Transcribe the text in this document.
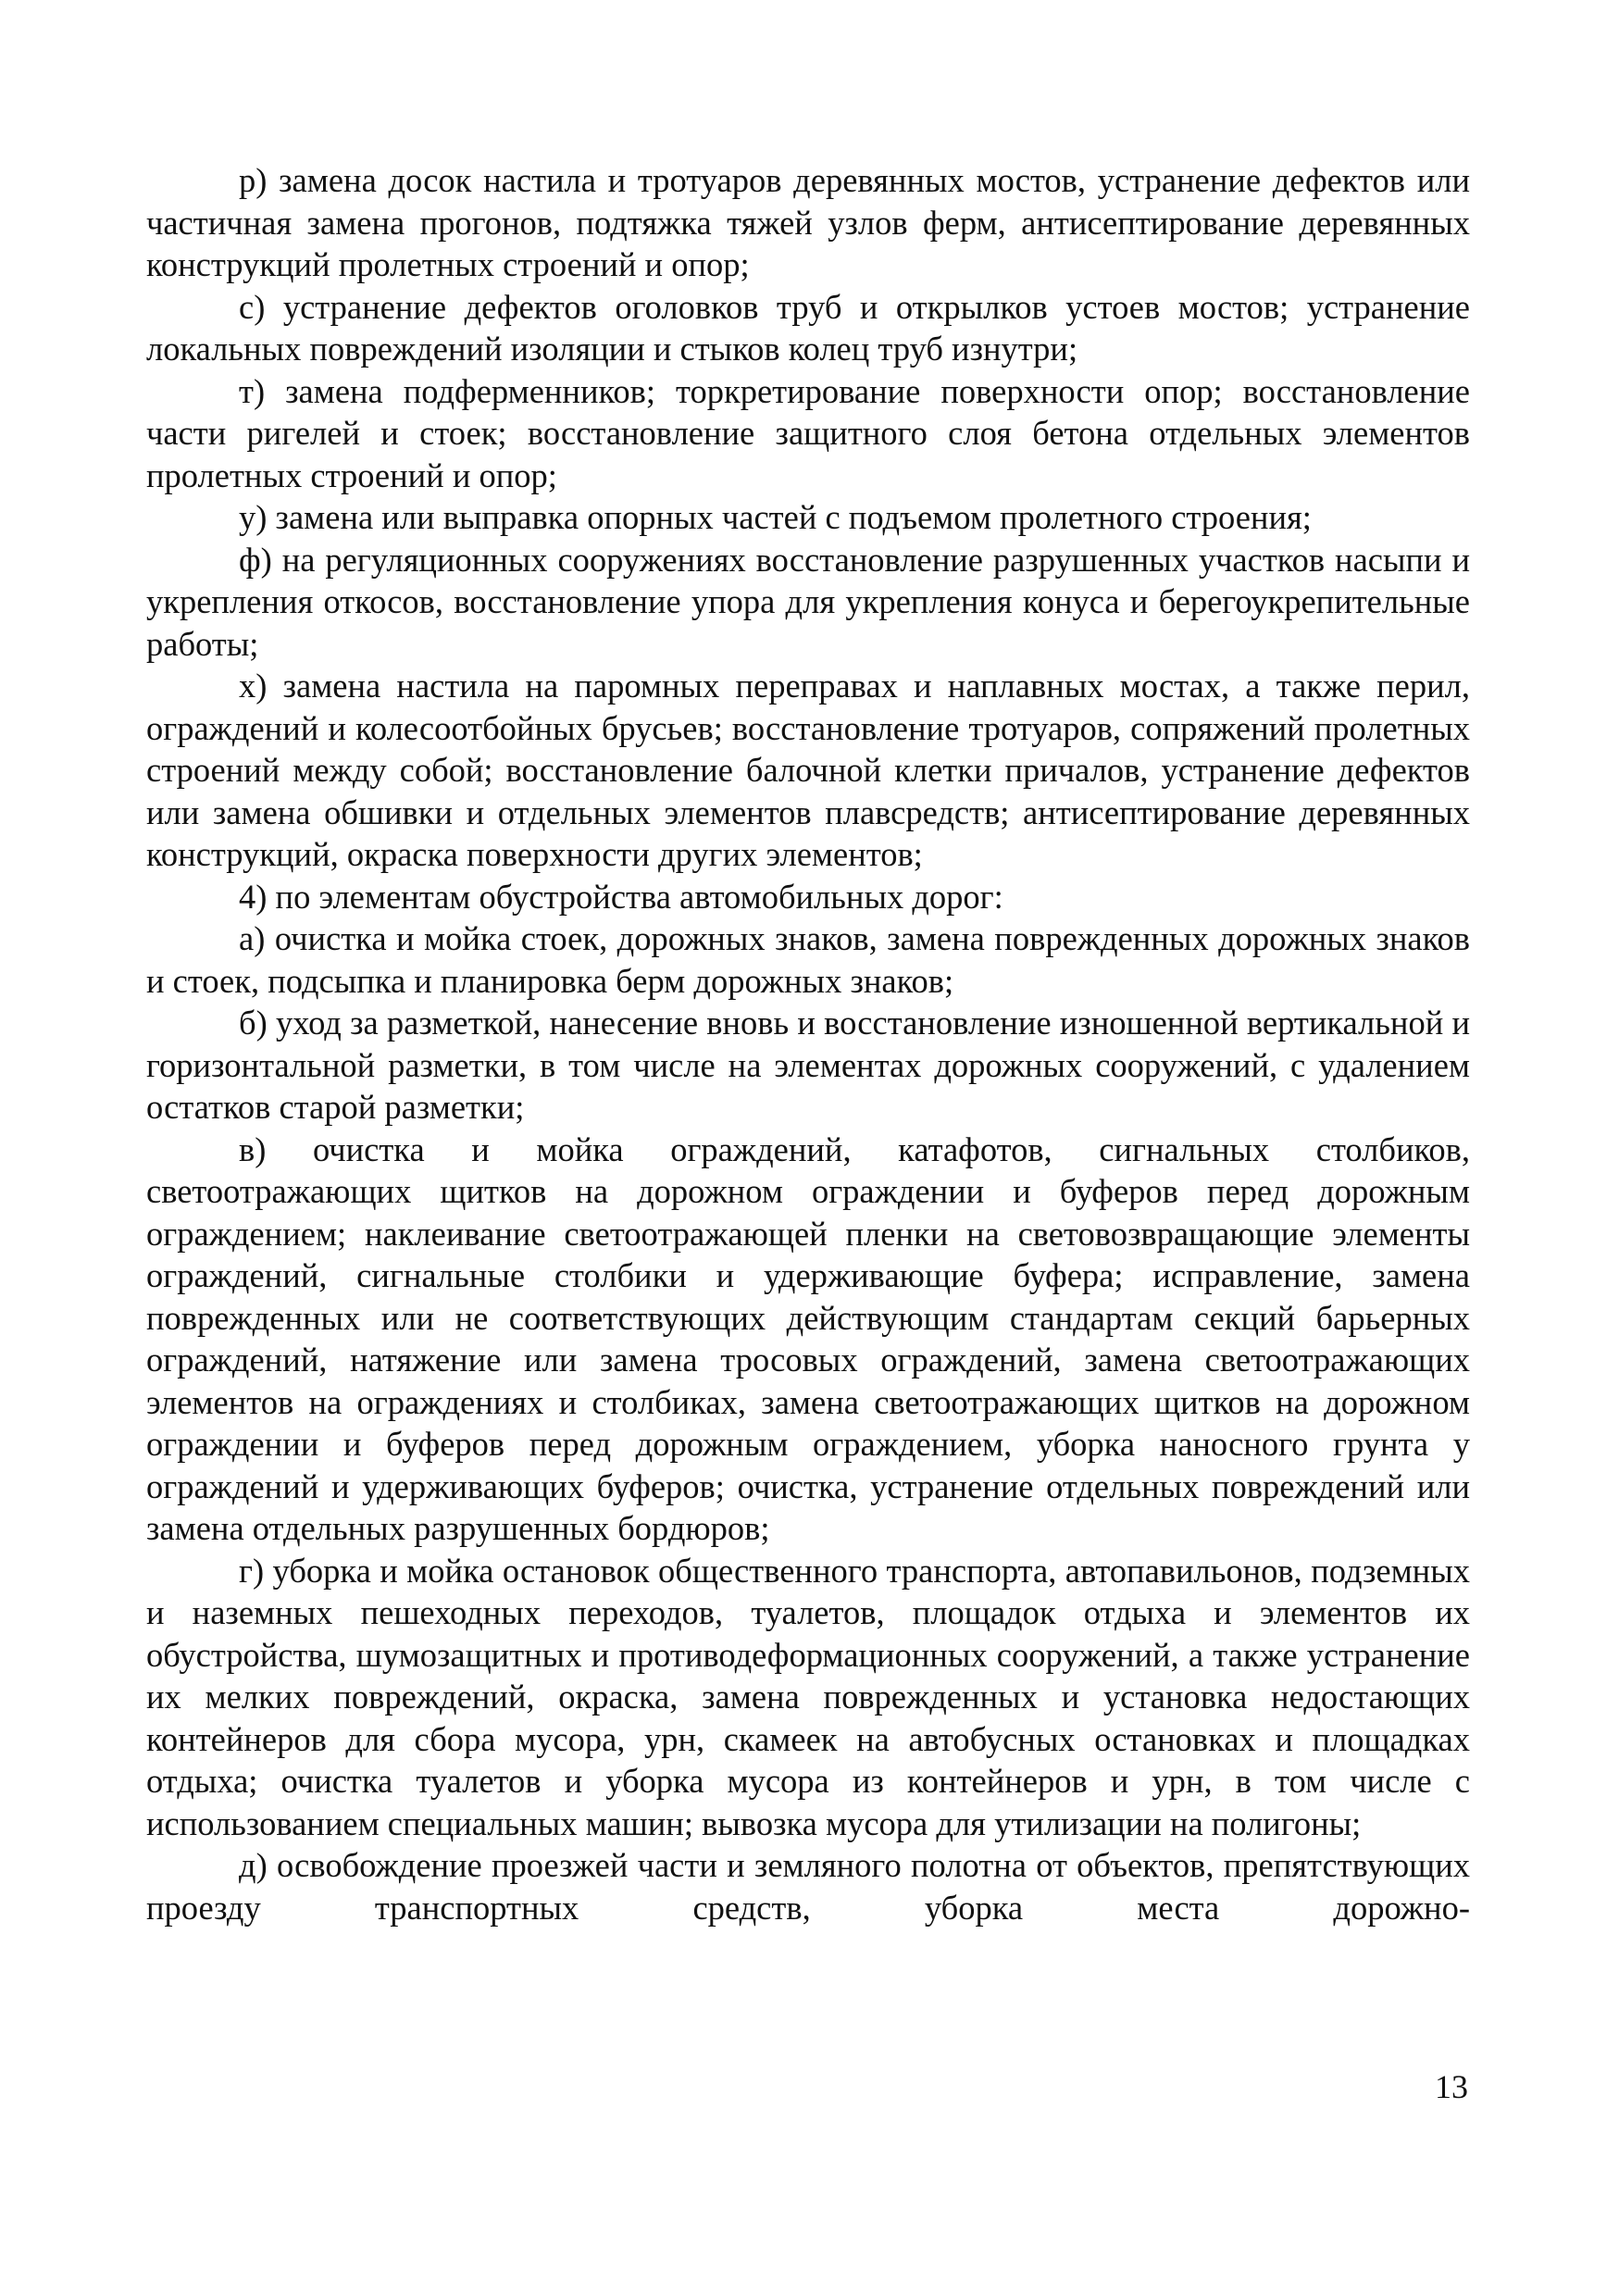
р) замена досок настила и тротуаров деревянных мостов, устранение дефектов или частичная замена прогонов, подтяжка тяжей узлов ферм, антисептирование деревянных конструкций пролетных строений и опор;

с) устранение дефектов оголовков труб и открылков устоев мостов; устранение локальных повреждений изоляции и стыков колец труб изнутри;

т) замена подферменников; торкретирование поверхности опор; восстановление части ригелей и стоек; восстановление защитного слоя бетона отдельных элементов пролетных строений и опор;

у) замена или выправка опорных частей с подъемом пролетного строения;

ф) на регуляционных сооружениях восстановление разрушенных участков насыпи и укрепления откосов, восстановление упора для укрепления конуса и берегоукрепительные работы;

х) замена настила на паромных переправах и наплавных мостах, а также перил, ограждений и колесоотбойных брусьев; восстановление тротуаров, сопряжений пролетных строений между собой; восстановление балочной клетки причалов, устранение дефектов или замена обшивки и отдельных элементов плавсредств; антисептирование деревянных конструкций, окраска поверхности других элементов;

4) по элементам обустройства автомобильных дорог:

а) очистка и мойка стоек, дорожных знаков, замена поврежденных дорожных знаков и стоек, подсыпка и планировка берм дорожных знаков;

б) уход за разметкой, нанесение вновь и восстановление изношенной вертикальной и горизонтальной разметки, в том числе на элементах дорожных сооружений, с удалением остатков старой разметки;

в) очистка и мойка ограждений, катафотов, сигнальных столбиков, светоотражающих щитков на дорожном ограждении и буферов перед дорожным ограждением; наклеивание светоотражающей пленки на световозвращающие элементы ограждений, сигнальные столбики и удерживающие буфера; исправление, замена поврежденных или не соответствующих действующим стандартам секций барьерных ограждений, натяжение или замена тросовых ограждений, замена светоотражающих элементов на ограждениях и столбиках, замена светоотражающих щитков на дорожном ограждении и буферов перед дорожным ограждением, уборка наносного грунта у ограждений и удерживающих буферов; очистка, устранение отдельных повреждений или замена отдельных разрушенных бордюров;

г) уборка и мойка остановок общественного транспорта, автопавильонов, подземных и наземных пешеходных переходов, туалетов, площадок отдыха и элементов их обустройства, шумозащитных и противодеформационных сооружений, а также устранение их мелких повреждений, окраска, замена поврежденных и установка недостающих контейнеров для сбора мусора, урн, скамеек на автобусных остановках и площадках отдыха; очистка туалетов и уборка мусора из контейнеров и урн, в том числе с использованием специальных машин; вывозка мусора для утилизации на полигоны;

д) освобождение проезжей части и земляного полотна от объектов, препятствующих проезду транспортных средств, уборка места дорожно-

13
